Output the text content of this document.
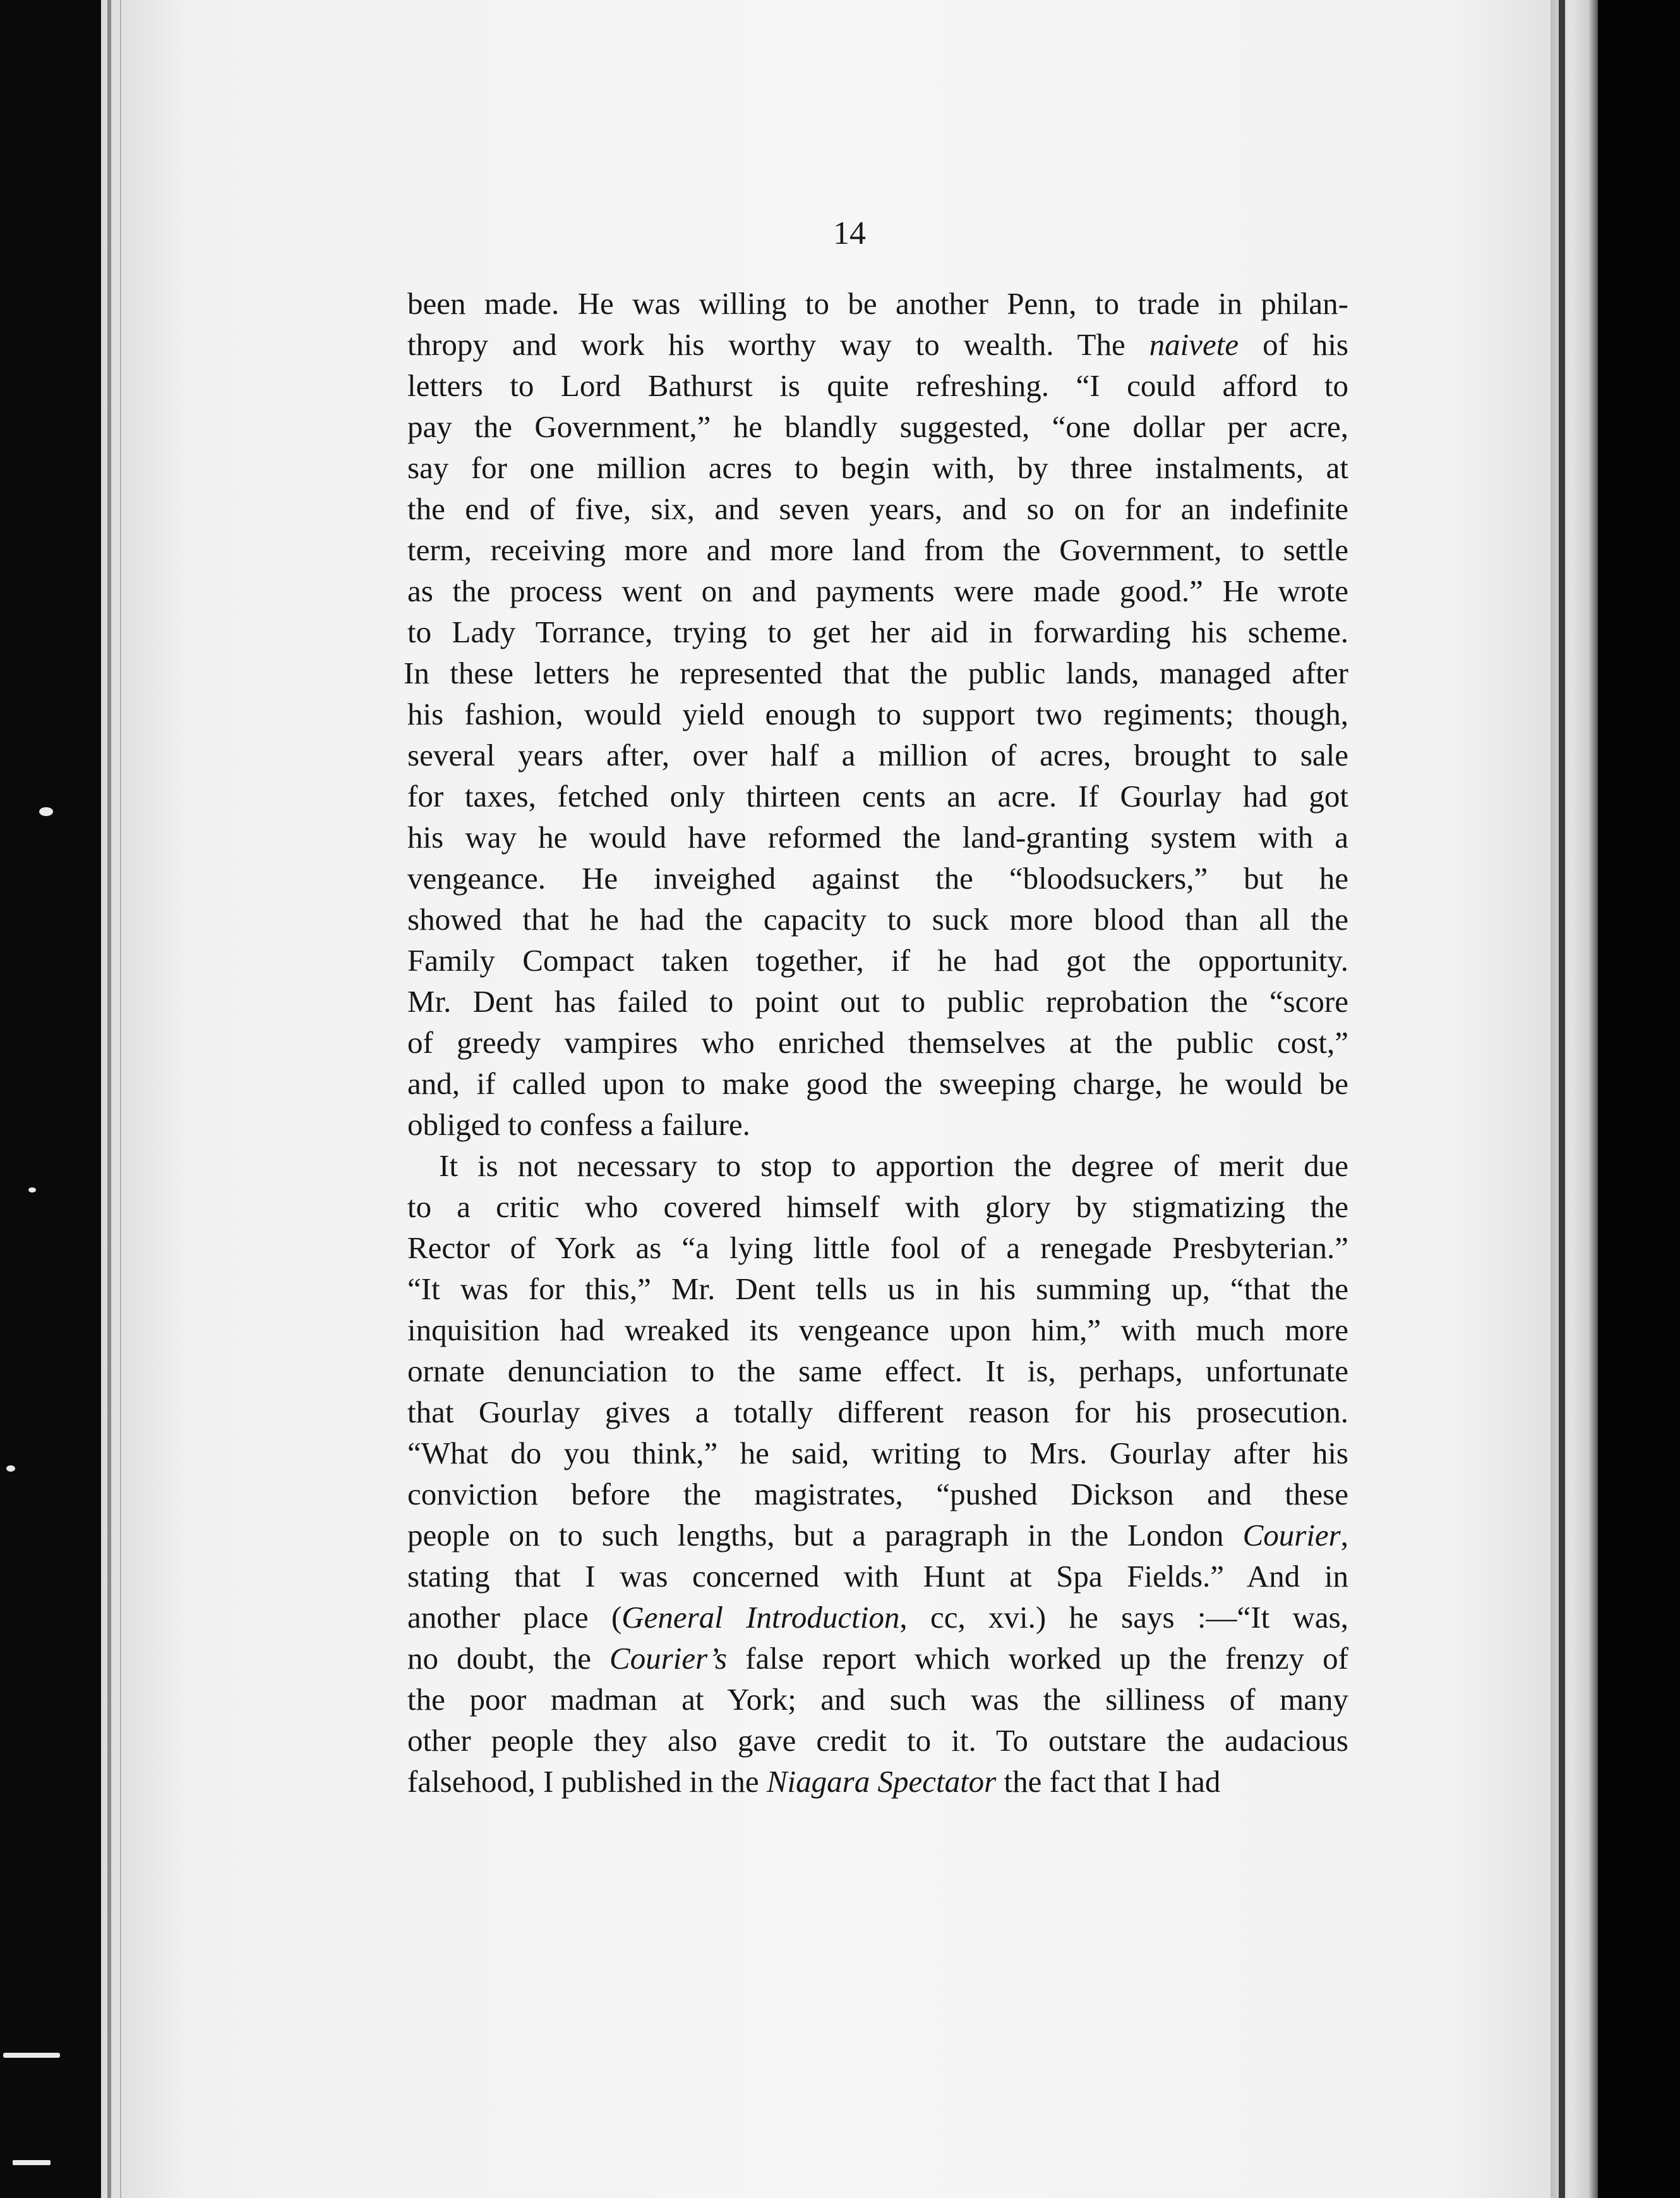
14
been made. He was willing to be another Penn, to trade in philan-
thropy and work his worthy way to wealth. The naivete of his
letters to Lord Bathurst is quite refreshing. “I could afford to
pay the Government,” he blandly suggested, “one dollar per acre,
say for one million acres to begin with, by three instalments, at
the end of five, six, and seven years, and so on for an indefinite
term, receiving more and more land from the Government, to settle
as the process went on and payments were made good.” He wrote
to Lady Torrance, trying to get her aid in forwarding his scheme.
In these letters he represented that the public lands, managed after
his fashion, would yield enough to support two regiments; though,
several years after, over half a million of acres, brought to sale
for taxes, fetched only thirteen cents an acre. If Gourlay had got
his way he would have reformed the land-granting system with a
vengeance. He inveighed against the “bloodsuckers,” but he
showed that he had the capacity to suck more blood than all the
Family Compact taken together, if he had got the opportunity.
Mr. Dent has failed to point out to public reprobation the “score
of greedy vampires who enriched themselves at the public cost,”
and, if called upon to make good the sweeping charge, he would be
obliged to confess a failure.
It is not necessary to stop to apportion the degree of merit due
to a critic who covered himself with glory by stigmatizing the
Rector of York as “a lying little fool of a renegade Presbyterian.”
“It was for this,” Mr. Dent tells us in his summing up, “that the
inquisition had wreaked its vengeance upon him,” with much more
ornate denunciation to the same effect. It is, perhaps, unfortunate
that Gourlay gives a totally different reason for his prosecution.
“What do you think,” he said, writing to Mrs. Gourlay after his
conviction before the magistrates, “pushed Dickson and these
people on to such lengths, but a paragraph in the London Courier,
stating that I was concerned with Hunt at Spa Fields.” And in
another place (General Introduction, cc, xvi.) he says :—“It was,
no doubt, the Courier’s false report which worked up the frenzy of
the poor madman at York; and such was the silliness of many
other people they also gave credit to it. To outstare the audacious
falsehood, I published in the Niagara Spectator the fact that I had
